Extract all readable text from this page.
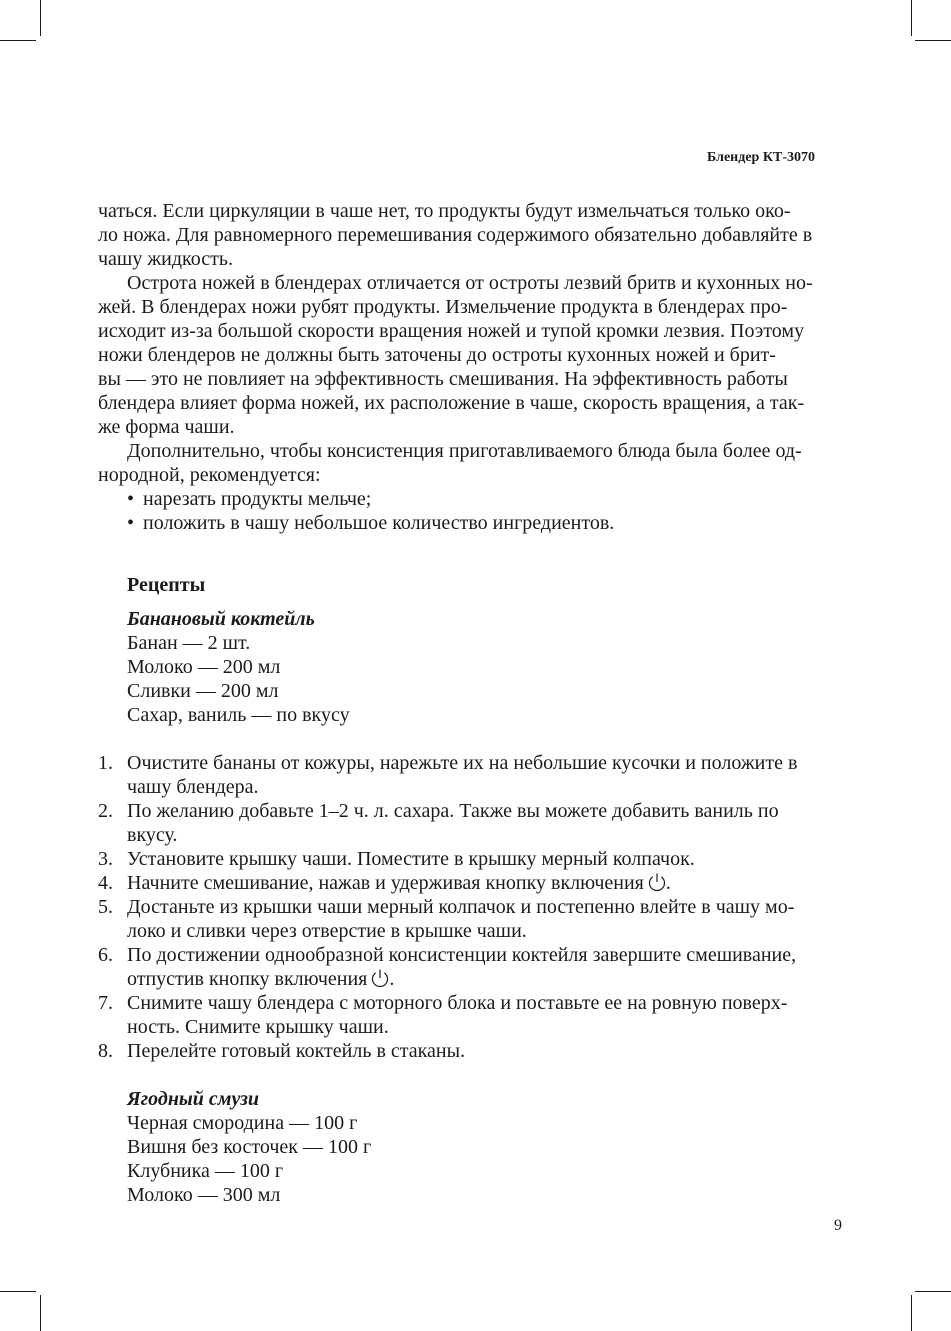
Блендер КТ-3070
чаться. Если циркуляции в чаше нет, то продукты будут измельчаться только око-
ло ножа. Для равномерного перемешивания содержимого обязательно добавляйте в
чашу жидкость.
Острота ножей в блендерах отличается от остроты лезвий бритв и кухонных но-
жей. В блендерах ножи рубят продукты. Измельчение продукта в блендерах про-
исходит из-за большой скорости вращения ножей и тупой кромки лезвия. Поэтому
ножи блендеров не должны быть заточены до остроты кухонных ножей и брит-
вы — это не повлияет на эффективность смешивания. На эффективность работы
блендера влияет форма ножей, их расположение в чаше, скорость вращения, а так-
же форма чаши.
Дополнительно, чтобы консистенция приготавливаемого блюда была более од-
нородной, рекомендуется:
• нарезать продукты мельче;
• положить в чашу небольшое количество ингредиентов.
Рецепты
Банановый коктейль
Банан — 2 шт.
Молоко — 200 мл
Сливки — 200 мл
Сахар, ваниль — по вкусу
1. Очистите бананы от кожуры, нарежьте их на небольшие кусочки и положите в
чашу блендера.
2. По желанию добавьте 1–2 ч. л. сахара. Также вы можете добавить ваниль по
вкусу.
3. Установите крышку чаши. Поместите в крышку мерный колпачок.
4. Начните смешивание, нажав и удерживая кнопку включения .
5. Достаньте из крышки чаши мерный колпачок и постепенно влейте в чашу мо-
локо и сливки через отверстие в крышке чаши.
6. По достижении однообразной консистенции коктейля завершите смешивание,
отпустив кнопку включения .
7. Снимите чашу блендера с моторного блока и поставьте ее на ровную поверх-
ность. Снимите крышку чаши.
8. Перелейте готовый коктейль в стаканы.
Ягодный смузи
Черная смородина — 100 г
Вишня без косточек — 100 г
Клубника — 100 г
Молоко — 300 мл
9
